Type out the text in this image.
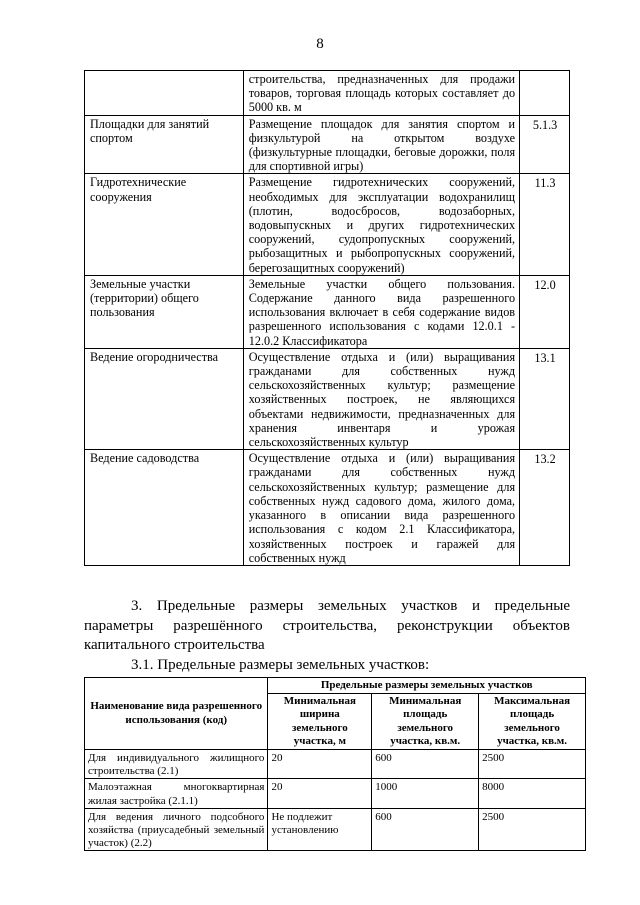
8
	строительства, предназначенных для продажи товаров, торговая площадь которых составляет до 5000 кв. м	
Площадки для занятий спортом	Размещение площадок для занятия спортом и физкультурой на открытом воздухе (физкультурные площадки, беговые дорожки, поля для спортивной игры)	5.1.3
Гидротехнические сооружения	Размещение гидротехнических сооружений, необходимых для эксплуатации водохранилищ (плотин, водосбросов, водозаборных, водовыпускных и других гидротехнических сооружений, судопропускных сооружений, рыбозащитных и рыбопропускных сооружений, берегозащитных сооружений)	11.3
Земельные участки (территории) общего пользования	Земельные участки общего пользования. Содержание данного вида разрешенного использования включает в себя содержание видов разрешенного использования с кодами 12.0.1 - 12.0.2 Классификатора	12.0
Ведение огородничества	Осуществление отдыха и (или) выращивания гражданами для собственных нужд сельскохозяйственных культур; размещение хозяйственных построек, не являющихся объектами недвижимости, предназначенных для хранения инвентаря и урожая сельскохозяйственных культур	13.1
Ведение садоводства	Осуществление отдыха и (или) выращивания гражданами для собственных нужд сельскохозяйственных культур; размещение для собственных нужд садового дома, жилого дома, указанного в описании вида разрешенного использования с кодом 2.1 Классификатора, хозяйственных построек и гаражей для собственных нужд	13.2
3. Предельные размеры земельных участков и предельные параметры разрешённого строительства, реконструкции объектов капитального строительства
3.1. Предельные размеры земельных участков:
Наименование вида разрешенного использования (код)	Предельные размеры земельных участков		
	Минимальная ширина земельного участка, м	Минимальная площадь земельного участка, кв.м.	Максимальная площадь земельного участка, кв.м.
Для индивидуального жилищного строительства (2.1)	20	600	2500
Малоэтажная многоквартирная жилая застройка (2.1.1)	20	1000	8000
Для ведения личного подсобного хозяйства (приусадебный земельный участок) (2.2)	Не подлежит установлению	600	2500
